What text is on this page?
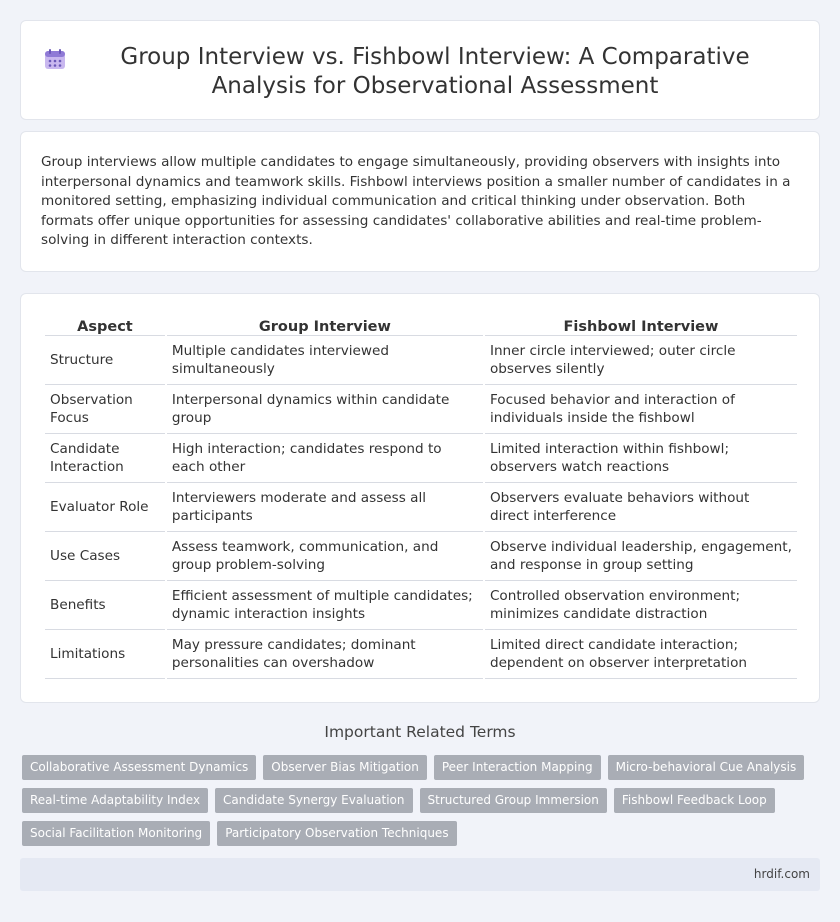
Group Interview vs. Fishbowl Interview: A Comparative Analysis for Observational Assessment

Group interviews allow multiple candidates to engage simultaneously, providing observers with insights into interpersonal dynamics and teamwork skills. Fishbowl interviews position a smaller number of candidates in a monitored setting, emphasizing individual communication and critical thinking under observation. Both formats offer unique opportunities for assessing candidates' collaborative abilities and real-time problem-solving in different interaction contexts.

Aspect	Group Interview	Fishbowl Interview
Structure	Multiple candidates interviewed simultaneously	Inner circle interviewed; outer circle observes silently
Observation Focus	Interpersonal dynamics within candidate group	Focused behavior and interaction of individuals inside the fishbowl
Candidate Interaction	High interaction; candidates respond to each other	Limited interaction within fishbowl; observers watch reactions
Evaluator Role	Interviewers moderate and assess all participants	Observers evaluate behaviors without direct interference
Use Cases	Assess teamwork, communication, and group problem-solving	Observe individual leadership, engagement, and response in group setting
Benefits	Efficient assessment of multiple candidates; dynamic interaction insights	Controlled observation environment; minimizes candidate distraction
Limitations	May pressure candidates; dominant personalities can overshadow	Limited direct candidate interaction; dependent on observer interpretation
Important Related Terms
Collaborative Assessment Dynamics	Observer Bias Mitigation	Peer Interaction Mapping	Micro-behavioral Cue Analysis
Real-time Adaptability Index	Candidate Synergy Evaluation	Structured Group Immersion	Fishbowl Feedback Loop
Social Facilitation Monitoring	Participatory Observation Techniques
hrdif.com
